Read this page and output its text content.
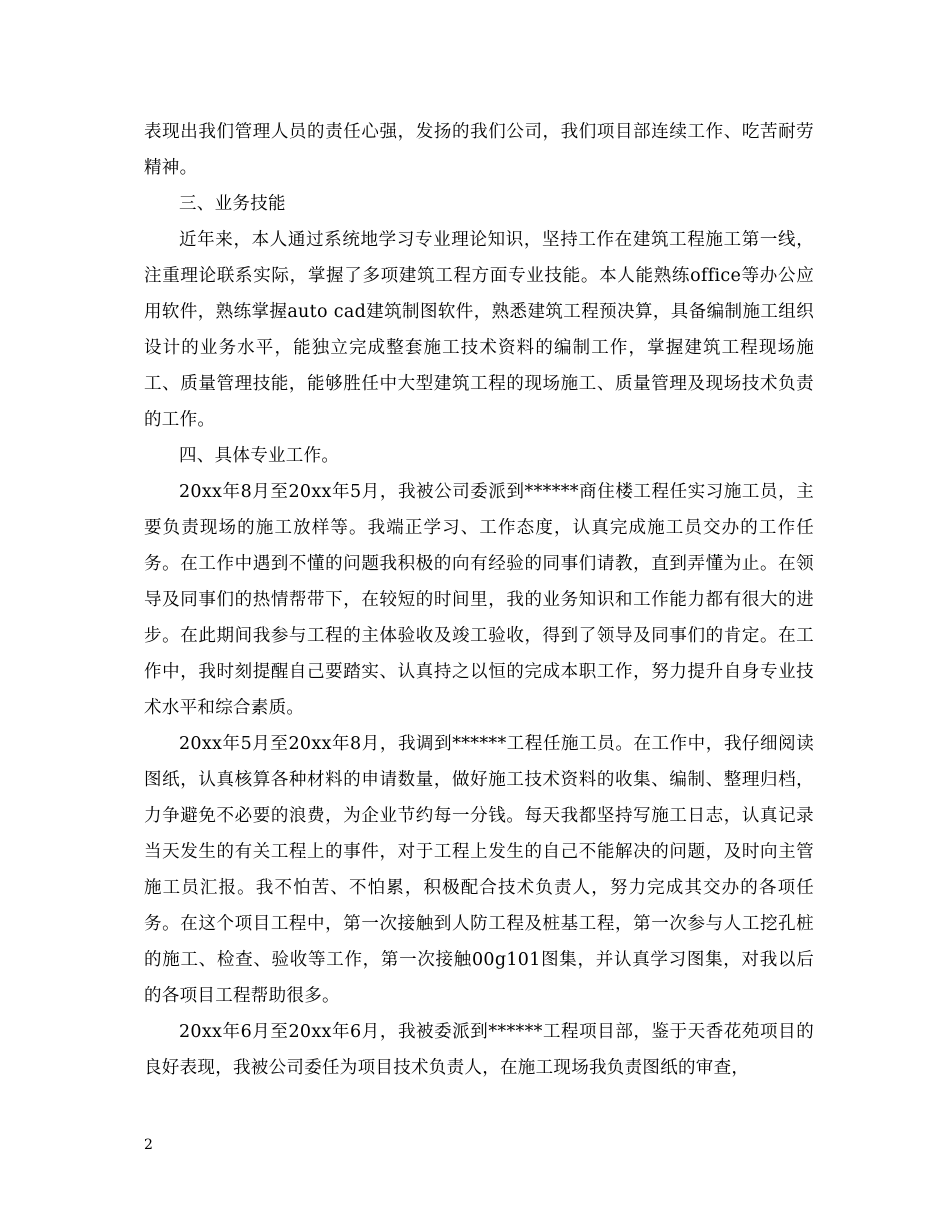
表现出我们管理人员的责任心强，发扬的我们公司，我们项目部连续工作、吃苦耐劳精神。

三、业务技能

近年来，本人通过系统地学习专业理论知识，坚持工作在建筑工程施工第一线，注重理论联系实际，掌握了多项建筑工程方面专业技能。本人能熟练office等办公应用软件，熟练掌握auto cad建筑制图软件，熟悉建筑工程预决算，具备编制施工组织设计的业务水平，能独立完成整套施工技术资料的编制工作，掌握建筑工程现场施工、质量管理技能，能够胜任中大型建筑工程的现场施工、质量管理及现场技术负责的工作。

四、具体专业工作。

20xx年8月至20xx年5月，我被公司委派到******商住楼工程任实习施工员，主要负责现场的施工放样等。我端正学习、工作态度，认真完成施工员交办的工作任务。在工作中遇到不懂的问题我积极的向有经验的同事们请教，直到弄懂为止。在领导及同事们的热情帮带下，在较短的时间里，我的业务知识和工作能力都有很大的进步。在此期间我参与工程的主体验收及竣工验收，得到了领导及同事们的肯定。在工作中，我时刻提醒自己要踏实、认真持之以恒的完成本职工作，努力提升自身专业技术水平和综合素质。

20xx年5月至20xx年8月，我调到******工程任施工员。在工作中，我仔细阅读图纸，认真核算各种材料的申请数量，做好施工技术资料的收集、编制、整理归档，力争避免不必要的浪费，为企业节约每一分钱。每天我都坚持写施工日志，认真记录当天发生的有关工程上的事件，对于工程上发生的自己不能解决的问题，及时向主管施工员汇报。我不怕苦、不怕累，积极配合技术负责人，努力完成其交办的各项任务。在这个项目工程中，第一次接触到人防工程及桩基工程，第一次参与人工挖孔桩的施工、检查、验收等工作，第一次接触00g101图集，并认真学习图集，对我以后的各项目工程帮助很多。

20xx年6月至20xx年6月，我被委派到******工程项目部，鉴于天香花苑项目的良好表现，我被公司委任为项目技术负责人，在施工现场我负责图纸的审查，

2
